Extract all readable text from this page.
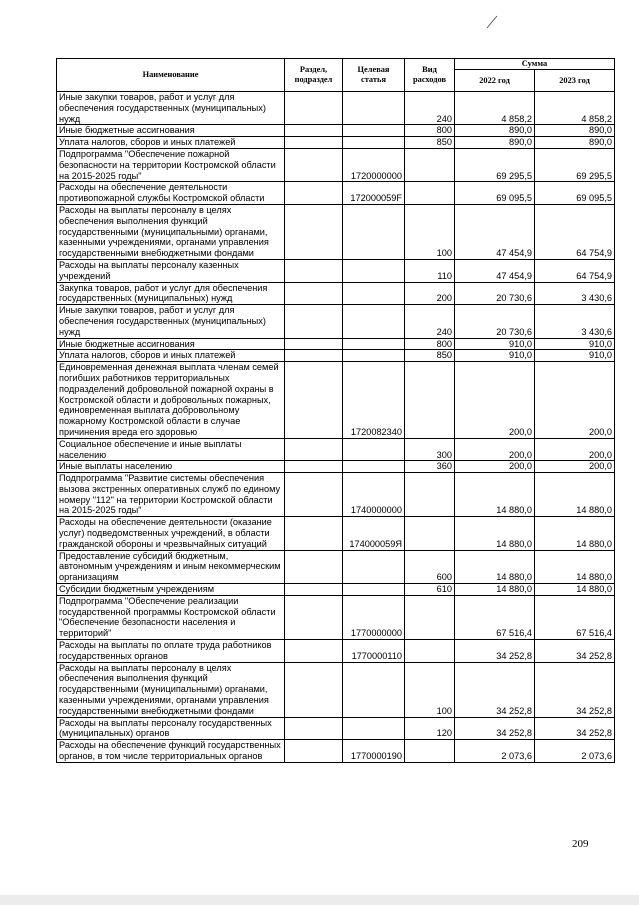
Наименование	Раздел, подраздел	Целевая статья	Вид расходов	Сумма	
				2022 год	2023 год
Иные закупки товаров, работ и услуг для обеспечения государственных (муниципальных) нужд			240	4 858,2	4 858,2
Иные бюджетные ассигнования			800	890,0	890,0
Уплата налогов, сборов и иных платежей			850	890,0	890,0
Подпрограмма "Обеспечение пожарной безопасности на территории Костромской области на 2015-2025 годы"		1720000000		69 295,5	69 295,5
Расходы на обеспечение деятельности противопожарной службы Костромской области		172000059F		69 095,5	69 095,5
Расходы на выплаты персоналу в целях обеспечения выполнения функций государственными (муниципальными) органами, казенными учреждениями, органами управления государственными внебюджетными фондами			100	47 454,9	64 754,9
Расходы на выплаты персоналу казенных учреждений			110	47 454,9	64 754,9
Закупка товаров, работ и услуг для обеспечения государственных (муниципальных) нужд			200	20 730,6	3 430,6
Иные закупки товаров, работ и услуг для обеспечения государственных (муниципальных) нужд			240	20 730,6	3 430,6
Иные бюджетные ассигнования			800	910,0	910,0
Уплата налогов, сборов и иных платежей			850	910,0	910,0
Единовременная денежная выплата членам семей погибших работников территориальных подразделений добровольной пожарной охраны в Костромской области и добровольных пожарных, единовременная выплата добровольному пожарному Костромской области в случае причинения вреда его здоровью		1720082340		200,0	200,0
Социальное обеспечение и иные выплаты населению			300	200,0	200,0
Иные выплаты населению			360	200,0	200,0
Подпрограмма "Развитие системы обеспечения вызова экстренных оперативных служб по единому номеру "112" на территории Костромской области на 2015-2025 годы"		1740000000		14 880,0	14 880,0
Расходы на обеспечение деятельности (оказание услуг) подведомственных учреждений, в области гражданской обороны и чрезвычайных ситуаций		174000059Я		14 880,0	14 880,0
Предоставление субсидий бюджетным, автономным учреждениям и иным некоммерческим организациям			600	14 880,0	14 880,0
Субсидии бюджетным учреждениям			610	14 880,0	14 880,0
Подпрограмма "Обеспечение реализации государственной программы Костромской области "Обеспечение безопасности населения и территорий"		1770000000		67 516,4	67 516,4
Расходы на выплаты по оплате труда работников государственных органов		1770000110		34 252,8	34 252,8
Расходы на выплаты персоналу в целях обеспечения выполнения функций государственными (муниципальными) органами, казенными учреждениями, органами управления государственными внебюджетными фондами			100	34 252,8	34 252,8
Расходы на выплаты персоналу государственных (муниципальных) органов			120	34 252,8	34 252,8
Расходы на обеспечение функций государственных органов, в том числе территориальных органов		1770000190		2 073,6	2 073,6
209
